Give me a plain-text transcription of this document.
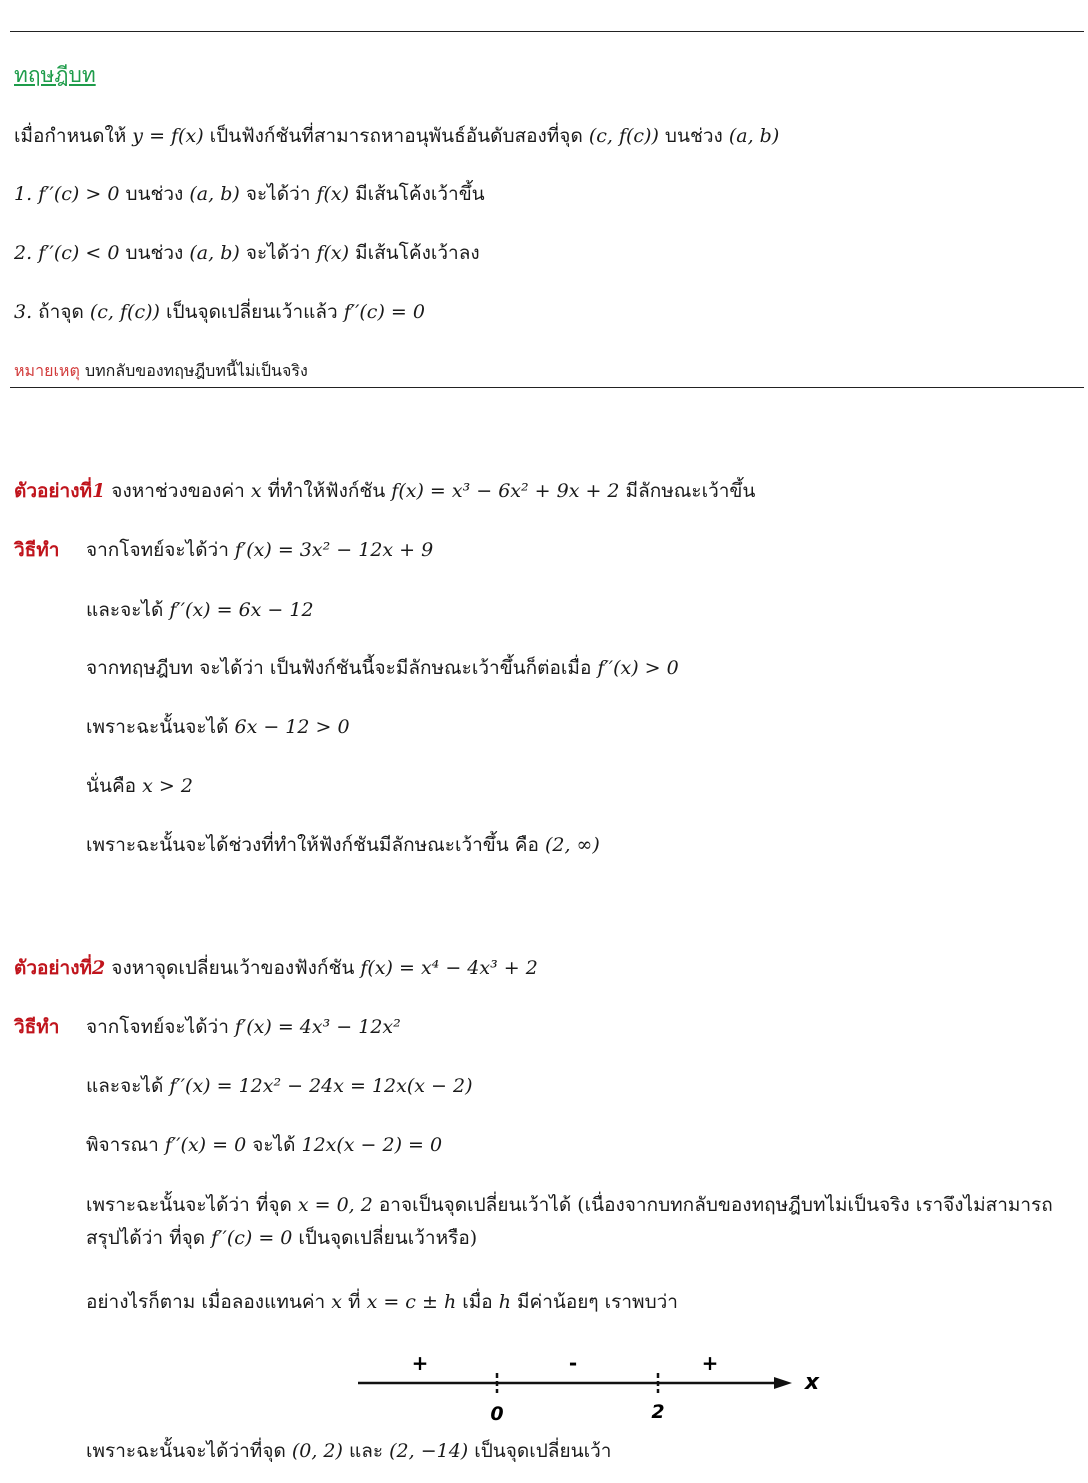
ทฤษฎีบท
เมื่อกำหนดให้ y = f(x) เป็นฟังก์ชันที่สามารถหาอนุพันธ์อันดับสองที่จุด (c, f(c)) บนช่วง (a, b)
1. f′′(c) > 0 บนช่วง (a, b) จะได้ว่า f(x) มีเส้นโค้งเว้าขึ้น
2. f′′(c) < 0 บนช่วง (a, b) จะได้ว่า f(x) มีเส้นโค้งเว้าลง
3. ถ้าจุด (c, f(c)) เป็นจุดเปลี่ยนเว้าแล้ว f′′(c) = 0
หมายเหตุ บทกลับของทฤษฎีบทนี้ไม่เป็นจริง
ตัวอย่างที่1 จงหาช่วงของค่า x ที่ทำให้ฟังก์ชัน f(x) = x³ − 6x² + 9x + 2 มีลักษณะเว้าขึ้น
วิธีทำ จากโจทย์จะได้ว่า f′(x) = 3x² − 12x + 9
และจะได้ f′′(x) = 6x − 12
จากทฤษฎีบท จะได้ว่า เป็นฟังก์ชันนี้จะมีลักษณะเว้าขึ้นก็ต่อเมื่อ f′′(x) > 0
เพราะฉะนั้นจะได้ 6x − 12 > 0
นั่นคือ x > 2
เพราะฉะนั้นจะได้ช่วงที่ทำให้ฟังก์ชันมีลักษณะเว้าขึ้น คือ (2, ∞)
ตัวอย่างที่2 จงหาจุดเปลี่ยนเว้าของฟังก์ชัน f(x) = x⁴ − 4x³ + 2
วิธีทำ จากโจทย์จะได้ว่า f′(x) = 4x³ − 12x²
และจะได้ f′′(x) = 12x² − 24x = 12x(x − 2)
พิจารณา f′′(x) = 0 จะได้ 12x(x − 2) = 0
เพราะฉะนั้นจะได้ว่า ที่จุด x = 0, 2 อาจเป็นจุดเปลี่ยนเว้าได้ (เนื่องจากบทกลับของทฤษฎีบทไม่เป็นจริง เราจึงไม่สามารถสรุปได้ว่า ที่จุด f′′(c) = 0 เป็นจุดเปลี่ยนเว้าหรือ)
อย่างไรก็ตาม เมื่อลองแทนค่า x ที่ x = c ± h เมื่อ h มีค่าน้อยๆ เราพบว่า
+	-	+
0	2
x
เพราะฉะนั้นจะได้ว่าที่จุด (0, 2) และ (2, −14) เป็นจุดเปลี่ยนเว้า
